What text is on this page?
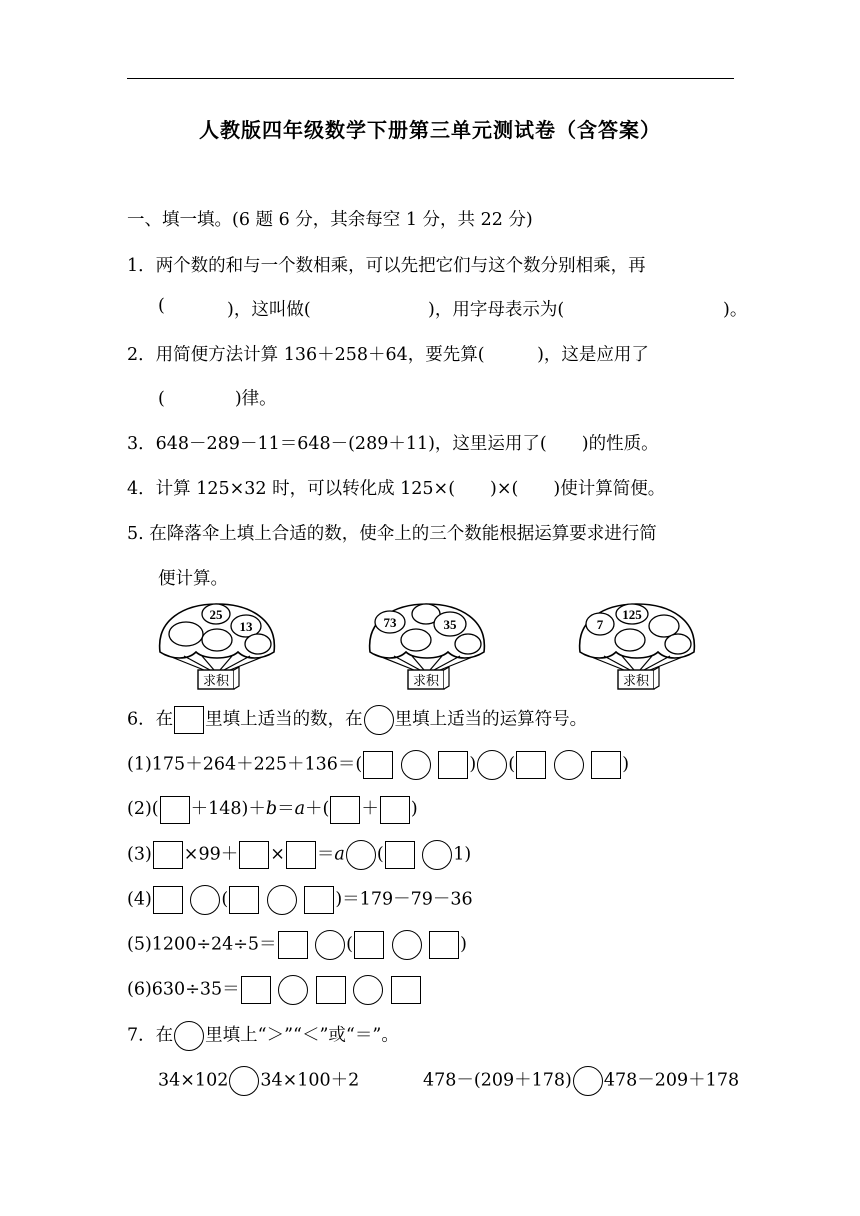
人教版四年级数学下册第三单元测试卷（含答案）
一、填一填。(6 题 6 分，其余每空 1 分，共 22 分)
1．两个数的和与一个数相乘，可以先把它们与这个数分别相乘，再
(	)，这叫做(	)，用字母表示为(	)。
2．用简便方法计算 136＋258＋64，要先算(　　　)，这是应用了
(　　　　)律。
3．648－289－11＝648－(289＋11)，这里运用了(　　)的性质。
4．计算 125×32 时，可以转化成 125×(　　)×(　　)使计算简便。
5. 在降落伞上填上合适的数，使伞上的三个数能根据运算要求进行简
便计算。
25
13
求积
73	35
求积
7
125
求积
6．在 里填上适当的数，在 里填上适当的运算符号。
(1)175＋264＋225＋136＝(	) (	)
(2)( ＋148)＋b＝a＋( ＋ )
(3) ×99＋ × ＝a (	1)
(4)	(	)＝179－79－36
(5)1200÷24÷5＝	(	)
(6)630÷35＝
7．在 里填上“＞”“＜”或“＝”。
34×102 34×100＋2	478－(209＋178) 478－209＋178
